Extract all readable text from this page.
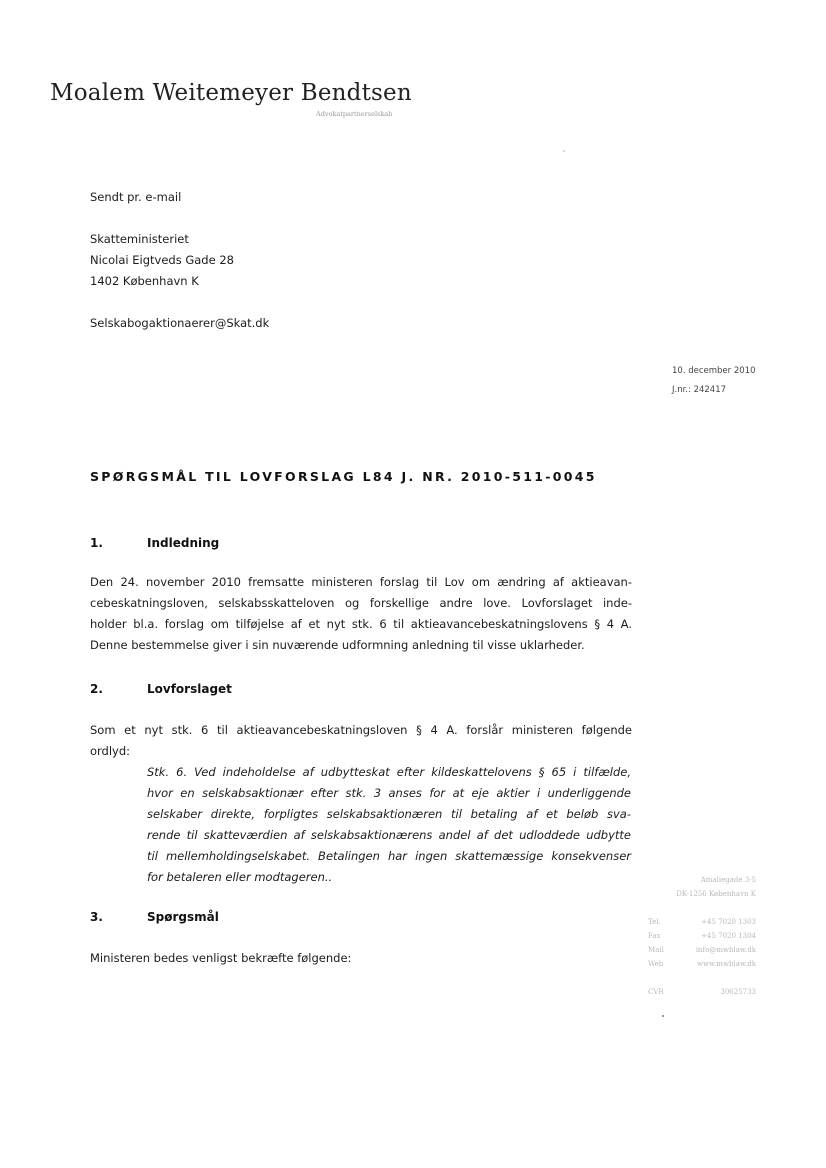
Moalem Weitemeyer Bendtsen
Advokatpartnerselskab
Sendt pr. e-mail
Skatteministeriet
Nicolai Eigtveds Gade 28
1402 København K
Selskabogaktionaerer@Skat.dk
10. december 2010
J.nr.: 242417
SPØRGSMÅL TIL LOVFORSLAG L84 J. NR. 2010-511-0045
1.	Indledning
Den 24. november 2010 fremsatte ministeren forslag til Lov om ændring af aktieavan-
cebeskatningsloven, selskabsskatteloven og forskellige andre love. Lovforslaget inde-
holder bl.a. forslag om tilføjelse af et nyt stk. 6 til aktieavancebeskatningslovens § 4 A.
Denne bestemmelse giver i sin nuværende udformning anledning til visse uklarheder.
2.	Lovforslaget
Som et nyt stk. 6 til aktieavancebeskatningsloven § 4 A. forslår ministeren følgende
ordlyd:
Stk. 6. Ved indeholdelse af udbytteskat efter kildeskattelovens § 65 i tilfælde,
hvor en selskabsaktionær efter stk. 3 anses for at eje aktier i underliggende
selskaber direkte, forpligtes selskabsaktionæren til betaling af et beløb sva-
rende til skatteværdien af selskabsaktionærens andel af det udloddede udbytte
til mellemholdingselskabet. Betalingen har ingen skattemæssige konsekvenser
for betaleren eller modtageren..
3.	Spørgsmål
Ministeren bedes venligst bekræfte følgende:
Amaliegade 3-5
DK-1256 København K
Tel.	+45 7020 1303
Fax	+45 7020 1304
Mail	info@mwblaw.dk
Web	www.mwblaw.dk
CVR	30625733
